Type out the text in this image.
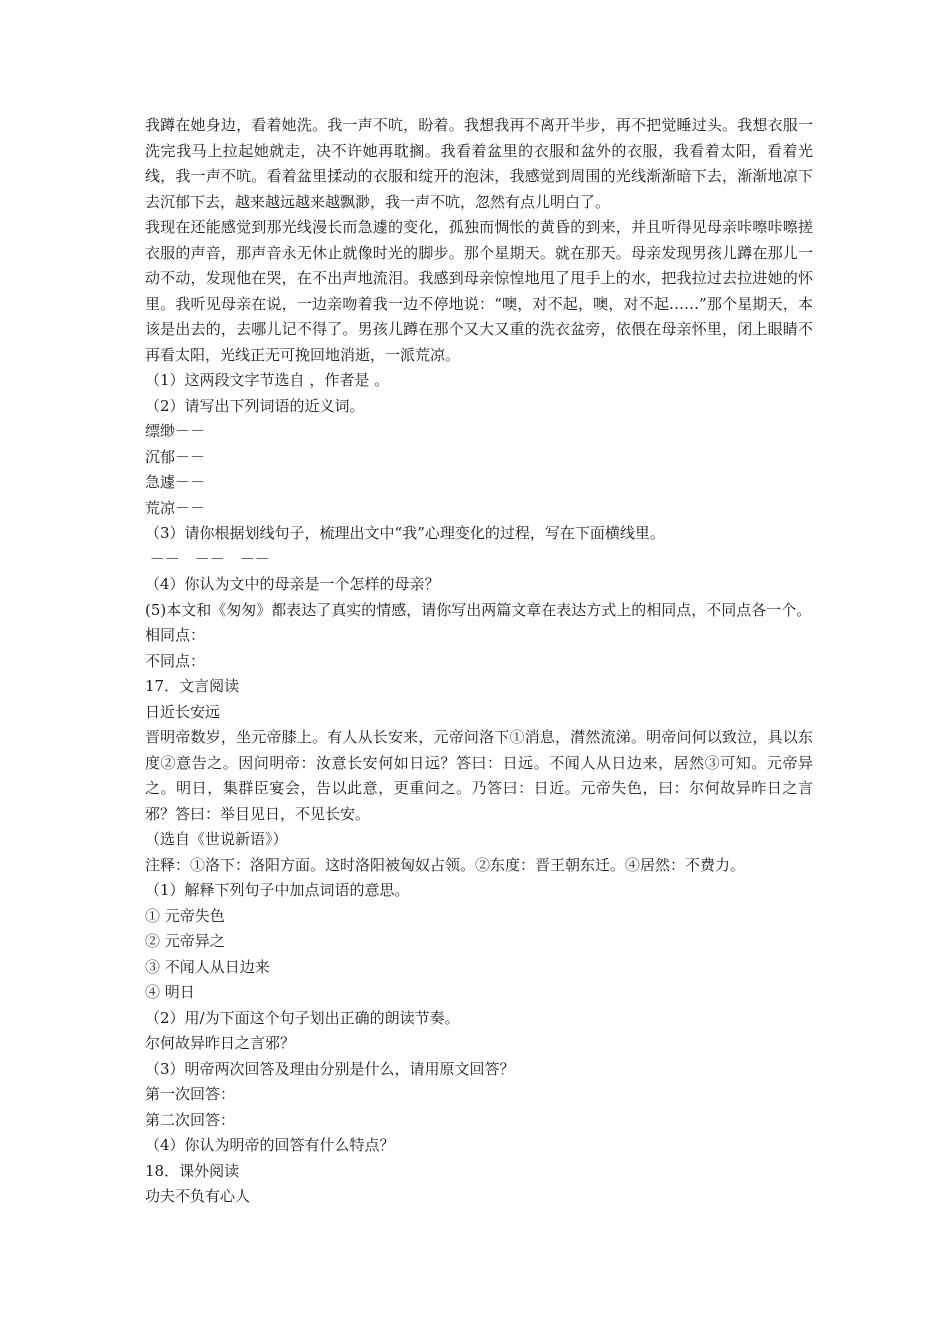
我蹲在她身边，看着她洗。我一声不吭，盼着。我想我再不离开半步，再不把觉睡过头。我想衣服一洗完我马上拉起她就走，决不许她再耽搁。我看着盆里的衣服和盆外的衣服，我看着太阳，看着光线，我一声不吭。看着盆里揉动的衣服和绽开的泡沫，我感觉到周围的光线渐渐暗下去，渐渐地凉下去沉郁下去，越来越远越来越飘渺，我一声不吭，忽然有点儿明白了。

我现在还能感觉到那光线漫长而急遽的变化，孤独而惆怅的黄昏的到来，并且听得见母亲咔嚓咔嚓搓衣服的声音，那声音永无休止就像时光的脚步。那个星期天。就在那天。母亲发现男孩儿蹲在那儿一动不动，发现他在哭，在不出声地流泪。我感到母亲惊惶地甩了甩手上的水，把我拉过去拉进她的怀里。我听见母亲在说，一边亲吻着我一边不停地说：“噢，对不起，噢，对不起……”那个星期天，本该是出去的，去哪儿记不得了。男孩儿蹲在那个又大又重的洗衣盆旁，依偎在母亲怀里，闭上眼睛不再看太阳，光线正无可挽回地消逝，一派荒凉。

（1）这两段文字节选自 ，作者是 。

（2）请写出下列词语的近义词。

缥缈－－

沉郁－－

急遽－－

荒凉－－

（3）请你根据划线句子，梳理出文中“我”心理变化的过程，写在下面横线里。

－－　－－　－－

（4）你认为文中的母亲是一个怎样的母亲？

(5)本文和《匆匆》都表达了真实的情感，请你写出两篇文章在表达方式上的相同点，不同点各一个。

相同点：

不同点：

17．文言阅读

日近长安远

晋明帝数岁，坐元帝膝上。有人从长安来，元帝问洛下①消息，潸然流涕。明帝问何以致泣，具以东度②意告之。因问明帝：汝意长安何如日远？答曰：日远。不闻人从日边来，居然③可知。元帝异之。明日，集群臣宴会，告以此意，更重问之。乃答曰：日近。元帝失色，曰：尔何故异昨日之言邪？答曰：举目见日，不见长安。

（选自《世说新语》）

注释：①洛下：洛阳方面。这时洛阳被匈奴占领。②东度：晋王朝东迁。④居然：不费力。

（1）解释下列句子中加点词语的意思。

① 元帝失色

② 元帝异之

③ 不闻人从日边来

④ 明日

（2）用/为下面这个句子划出正确的朗读节奏。

尔何故异昨日之言邪？

（3）明帝两次回答及理由分别是什么，请用原文回答？

第一次回答：

第二次回答：

（4）你认为明帝的回答有什么特点？

18．课外阅读

功夫不负有心人
